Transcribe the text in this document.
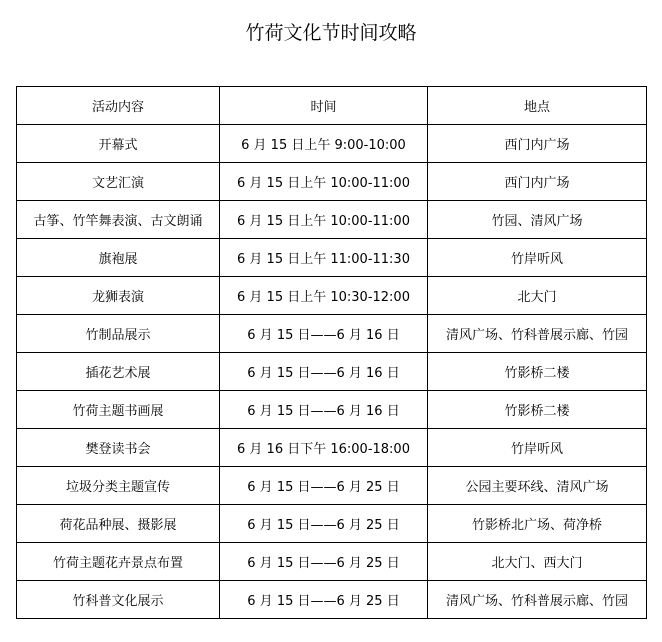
竹荷文化节时间攻略
活动内容	时间	地点
开幕式	6 月 15 日上午 9:00-10:00	西门内广场
文艺汇演	6 月 15 日上午 10:00-11:00	西门内广场
古筝、竹竿舞表演、古文朗诵	6 月 15 日上午 10:00-11:00	竹园、清风广场
旗袍展	6 月 15 日上午 11:00-11:30	竹岸听风
龙狮表演	6 月 15 日上午 10:30-12:00	北大门
竹制品展示	6 月 15 日——6 月 16 日	清风广场、竹科普展示廊、竹园
插花艺术展	6 月 15 日——6 月 16 日	竹影桥二楼
竹荷主题书画展	6 月 15 日——6 月 16 日	竹影桥二楼
樊登读书会	6 月 16 日下午 16:00-18:00	竹岸听风
垃圾分类主题宣传	6 月 15 日——6 月 25 日	公园主要环线、清风广场
荷花品种展、摄影展	6 月 15 日——6 月 25 日	竹影桥北广场、荷净桥
竹荷主题花卉景点布置	6 月 15 日——6 月 25 日	北大门、西大门
竹科普文化展示	6 月 15 日——6 月 25 日	清风广场、竹科普展示廊、竹园
